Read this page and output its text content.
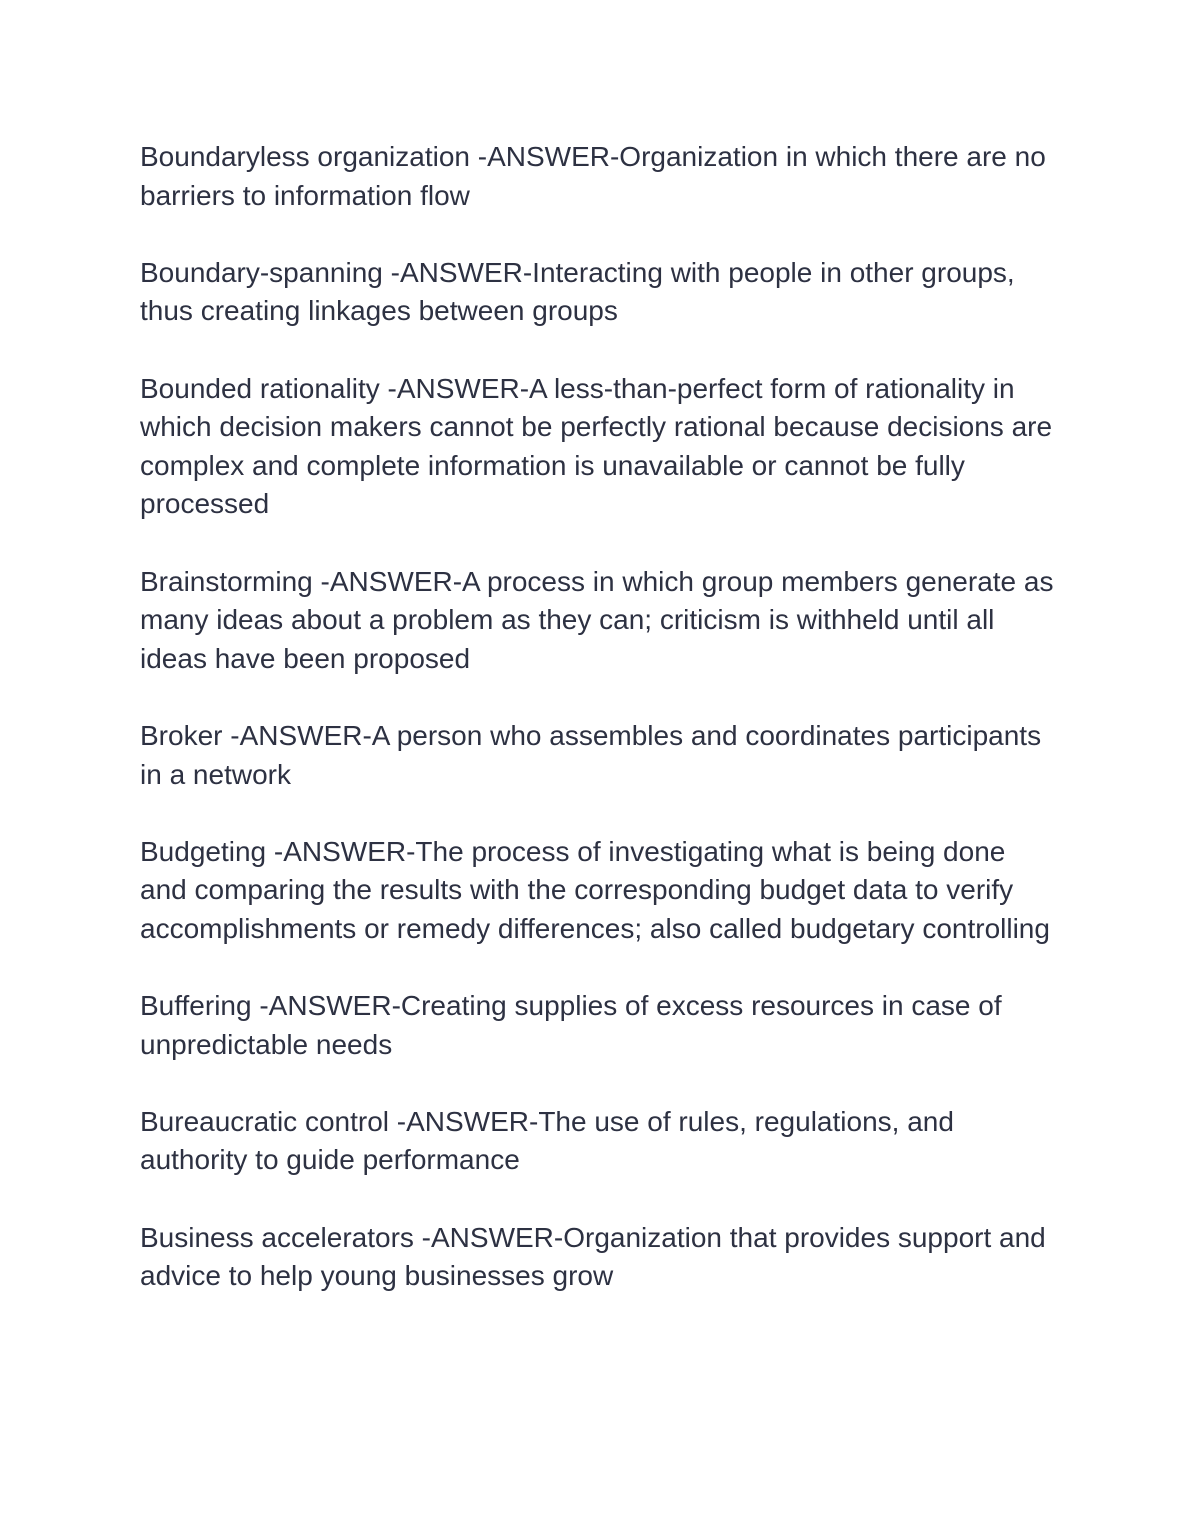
Boundaryless organization -ANSWER-Organization in which there are no barriers to information flow
Boundary-spanning -ANSWER-Interacting with people in other groups, thus creating linkages between groups
Bounded rationality -ANSWER-A less-than-perfect form of rationality in which decision makers cannot be perfectly rational because decisions are complex and complete information is unavailable or cannot be fully processed
Brainstorming -ANSWER-A process in which group members generate as many ideas about a problem as they can; criticism is withheld until all ideas have been proposed
Broker -ANSWER-A person who assembles and coordinates participants in a network
Budgeting -ANSWER-The process of investigating what is being done and comparing the results with the corresponding budget data to verify accomplishments or remedy differences; also called budgetary controlling
Buffering -ANSWER-Creating supplies of excess resources in case of unpredictable needs
Bureaucratic control -ANSWER-The use of rules, regulations, and authority to guide performance
Business accelerators -ANSWER-Organization that provides support and advice to help young businesses grow
